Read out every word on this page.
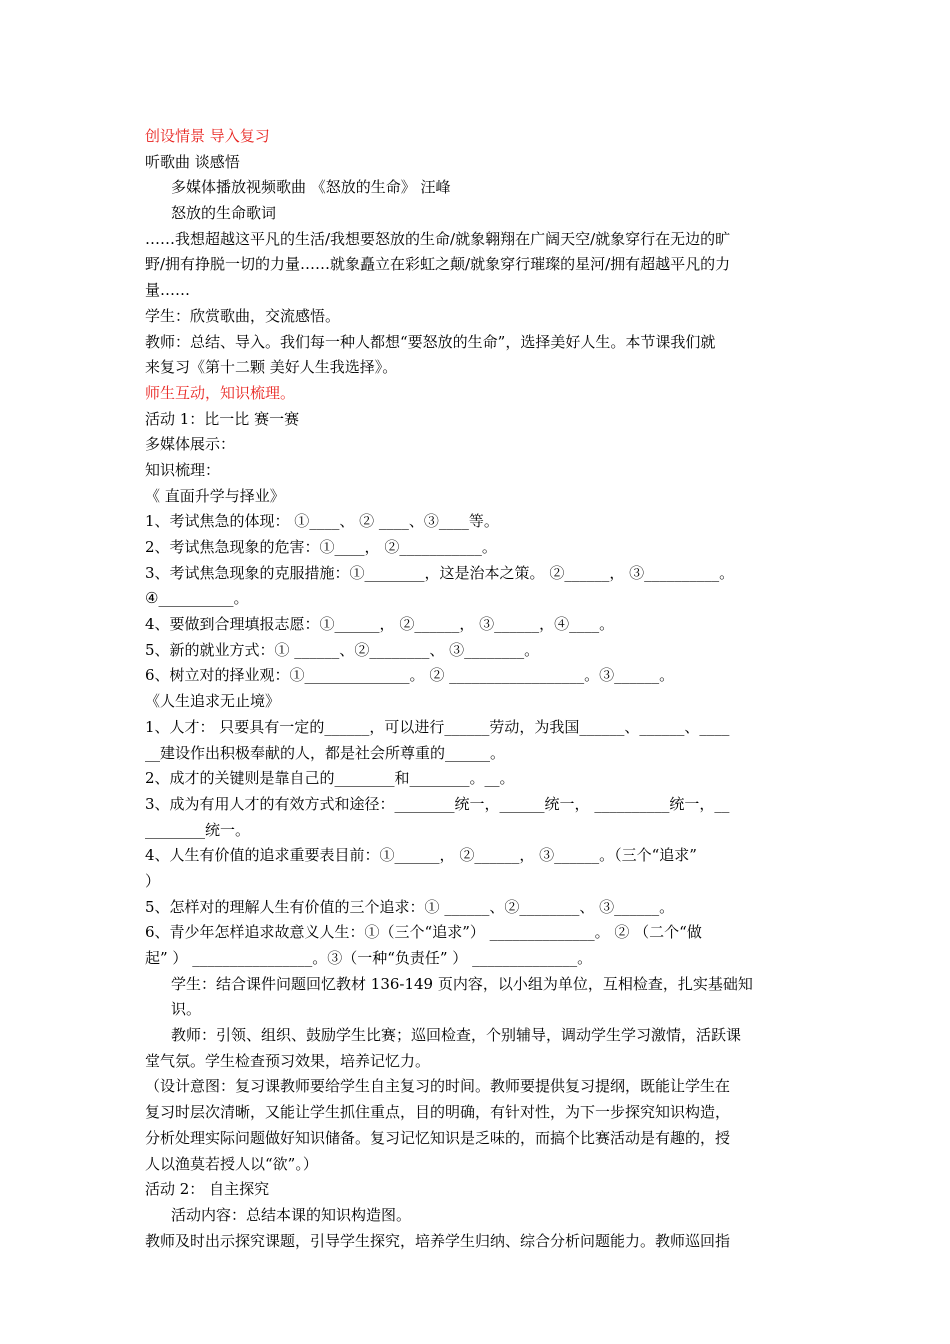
创设情景 导入复习
听歌曲 谈感悟
多媒体播放视频歌曲 《怒放的生命》 汪峰
怒放的生命歌词
……我想超越这平凡的生活/我想要怒放的生命/就象翱翔在广阔天空/就象穿行在无边的旷
野/拥有挣脱一切的力量……就象矗立在彩虹之颠/就象穿行璀璨的星河/拥有超越平凡的力
量……
学生：欣赏歌曲，交流感悟。
教师：总结、导入。我们每一种人都想“要怒放的生命”，选择美好人生。本节课我们就
来复习《第十二颗 美好人生我选择》。
师生互动，知识梳理。
活动 1：比一比 赛一赛
多媒体展示：
知识梳理：
《 直面升学与择业》
1、考试焦急的体现： ①____、 ② ____、③____等。
2、考试焦急现象的危害：①____， ②___________。
3、考试焦急现象的克服措施：①________，这是治本之策。 ②______， ③__________。
④__________。
4、要做到合理填报志愿：①______， ②______， ③______，④____。
5、新的就业方式：① ______、②________、 ③________。
6、树立对的择业观：①______________。 ② __________________。③______。
《人生追求无止境》
1、人才： 只要具有一定的______，可以进行______劳动，为我国______、______、____
__建设作出积极奉献的人，都是社会所尊重的______。
2、成才的关键则是靠自己的________和________。__。
3、成为有用人才的有效方式和途径：________统一，______统一， __________统一，__
________统一。
4、人生有价值的追求重要表目前：①______， ②______， ③______。（三个“追求”
）
5、怎样对的理解人生有价值的三个追求：① ______、②________、 ③______。
6、青少年怎样追求故意义人生：①（三个“追求”） ______________。 ② （二个“做
起” ） ________________。③（一种“负责任” ） ______________。
学生：结合课件问题回忆教材 136-149 页内容，以小组为单位，互相检查，扎实基础知
识。
教师：引领、组织、鼓励学生比赛；巡回检查，个别辅导，调动学生学习激情，活跃课
堂气氛。学生检查预习效果，培养记忆力。
（设计意图：复习课教师要给学生自主复习的时间。教师要提供复习提纲，既能让学生在
复习时层次清晰，又能让学生抓住重点，目的明确，有针对性，为下一步探究知识构造，
分析处理实际问题做好知识储备。复习记忆知识是乏味的，而搞个比赛活动是有趣的，授
人以渔莫若授人以“欲”。）
活动 2： 自主探究
活动内容：总结本课的知识构造图。
教师及时出示探究课题，引导学生探究，培养学生归纳、综合分析问题能力。教师巡回指
